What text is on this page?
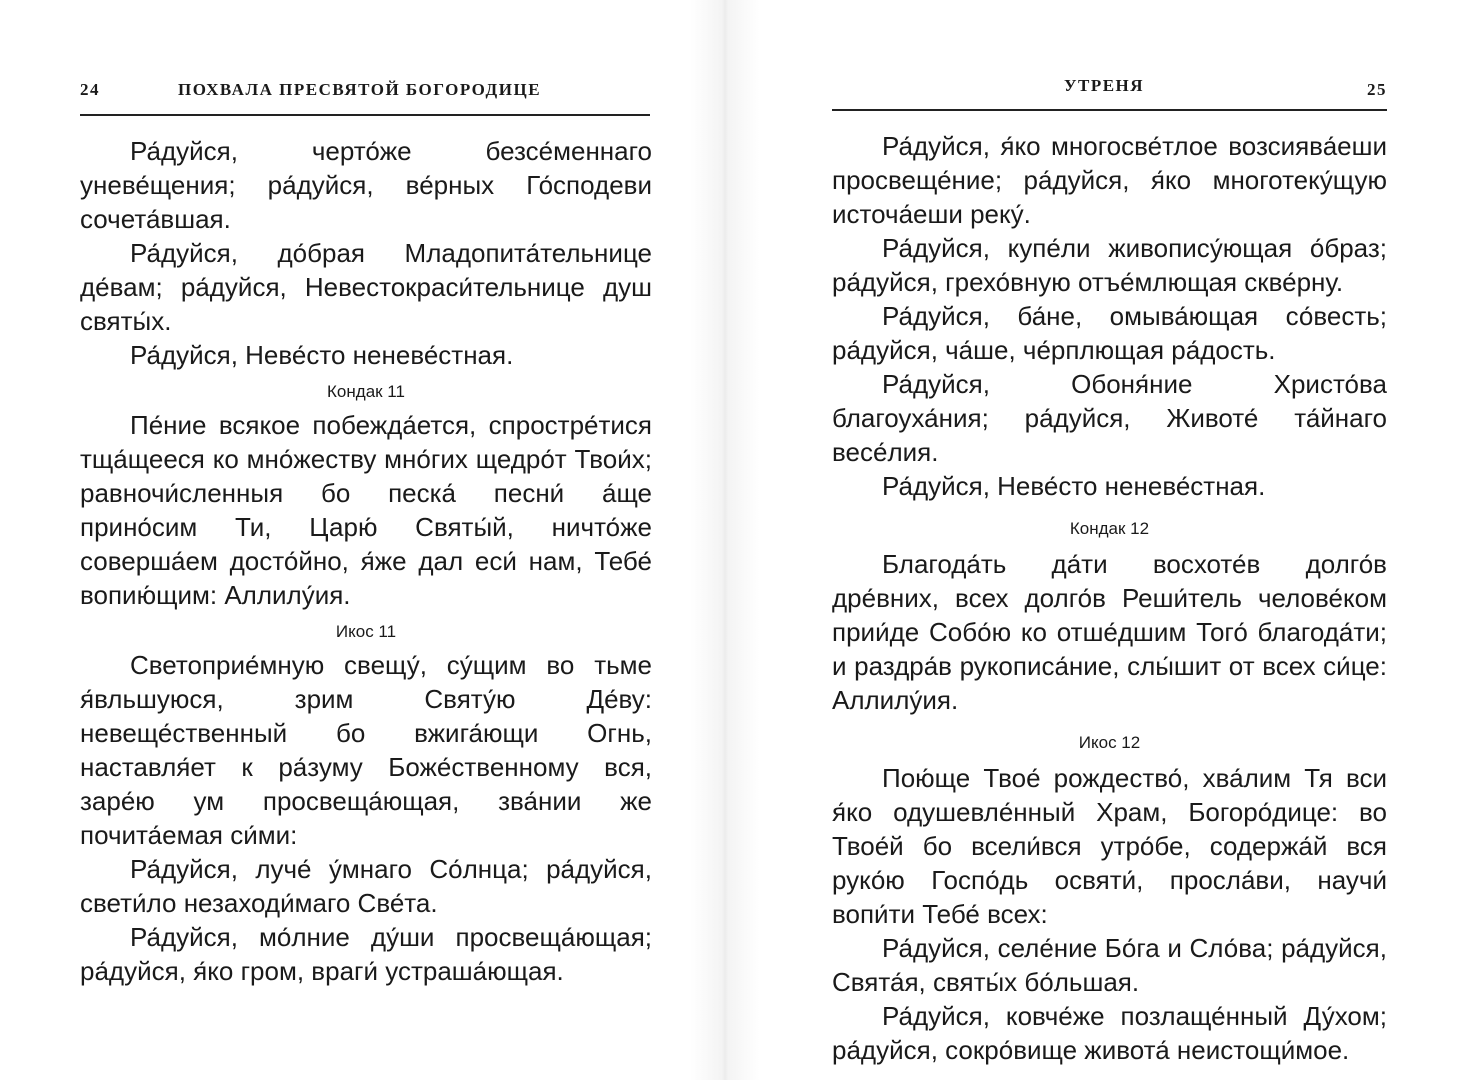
24	ПОХВАЛА ПРЕСВЯТОЙ БОГОРОДИЦЕ

Ра́дуйся, черто́же безсе́меннаго уневе́щения; ра́дуйся, ве́рных Го́сподеви сочета́вшая.

Ра́дуйся, до́брая Младопита́тельнице де́вам; ра́дуйся, Невестокраси́тельнице душ святы́х.

Ра́дуйся, Неве́сто неневе́стная.

Кондак 11

Пе́ние всякое побежда́ется, спростре́тися тща́щееся ко мно́жеству мно́гих щедро́т Твои́х; равночи́сленныя бо песка́ песни́ а́ще прино́сим Ти, Царю́ Святы́й, ничто́же соверша́ем досто́йно, я́же дал еси́ нам, Тебе́ вопию́щим: Аллилу́ия.

Икос 11

Светоприе́мную свещу́, су́щим во тьме я́вльшуюся, зрим Святу́ю Де́ву: невеще́ственный бо вжига́ющи Огнь, наставля́ет к ра́зуму Боже́ственному вся, заре́ю ум просвеща́ющая, зва́нии же почита́емая си́ми:

Ра́дуйся, луче́ у́мнаго Со́лнца; ра́дуйся, свети́ло незаходи́маго Све́та.

Ра́дуйся, мо́лние ду́ши просвеща́ющая; ра́дуйся, я́ко гром, враги́ устраша́ющая.

УТРЕНЯ	25

Ра́дуйся, я́ко многосве́тлое возсиява́еши просвеще́ние; ра́дуйся, я́ко многотеку́щую источа́еши реку́.

Ра́дуйся, купе́ли живопису́ющая о́браз; ра́дуйся, грехо́вную отъе́млющая скве́рну.

Ра́дуйся, ба́не, омыва́ющая со́весть; ра́дуйся, ча́ше, че́рплющая ра́дость.

Ра́дуйся, Обоня́ние Христо́ва благоуха́ния; ра́дуйся, Животе́ та́йнаго весе́лия.

Ра́дуйся, Неве́сто неневе́стная.

Кондак 12

Благода́ть да́ти восхоте́в долго́в дре́вних, всех долго́в Реши́тель челове́ком прии́де Собо́ю ко отше́дшим Того́ благода́ти; и раздра́в рукописа́ние, слы́шит от всех си́це: Аллилу́ия.

Икос 12

Пою́ще Твое́ рождество́, хва́лим Тя вси я́ко одушевле́нный Храм, Богоро́дице: во Твое́й бо всели́вся утро́бе, содержа́й вся руко́ю Госпо́дь освяти́, просла́ви, научи́ вопи́ти Тебе́ всех:

Ра́дуйся, селе́ние Бо́га и Сло́ва; ра́дуйся, Свята́я, святы́х бо́льшая.

Ра́дуйся, ковче́же позлаще́нный Ду́хом; ра́дуйся, сокро́вище живота́ неистощи́мое.
